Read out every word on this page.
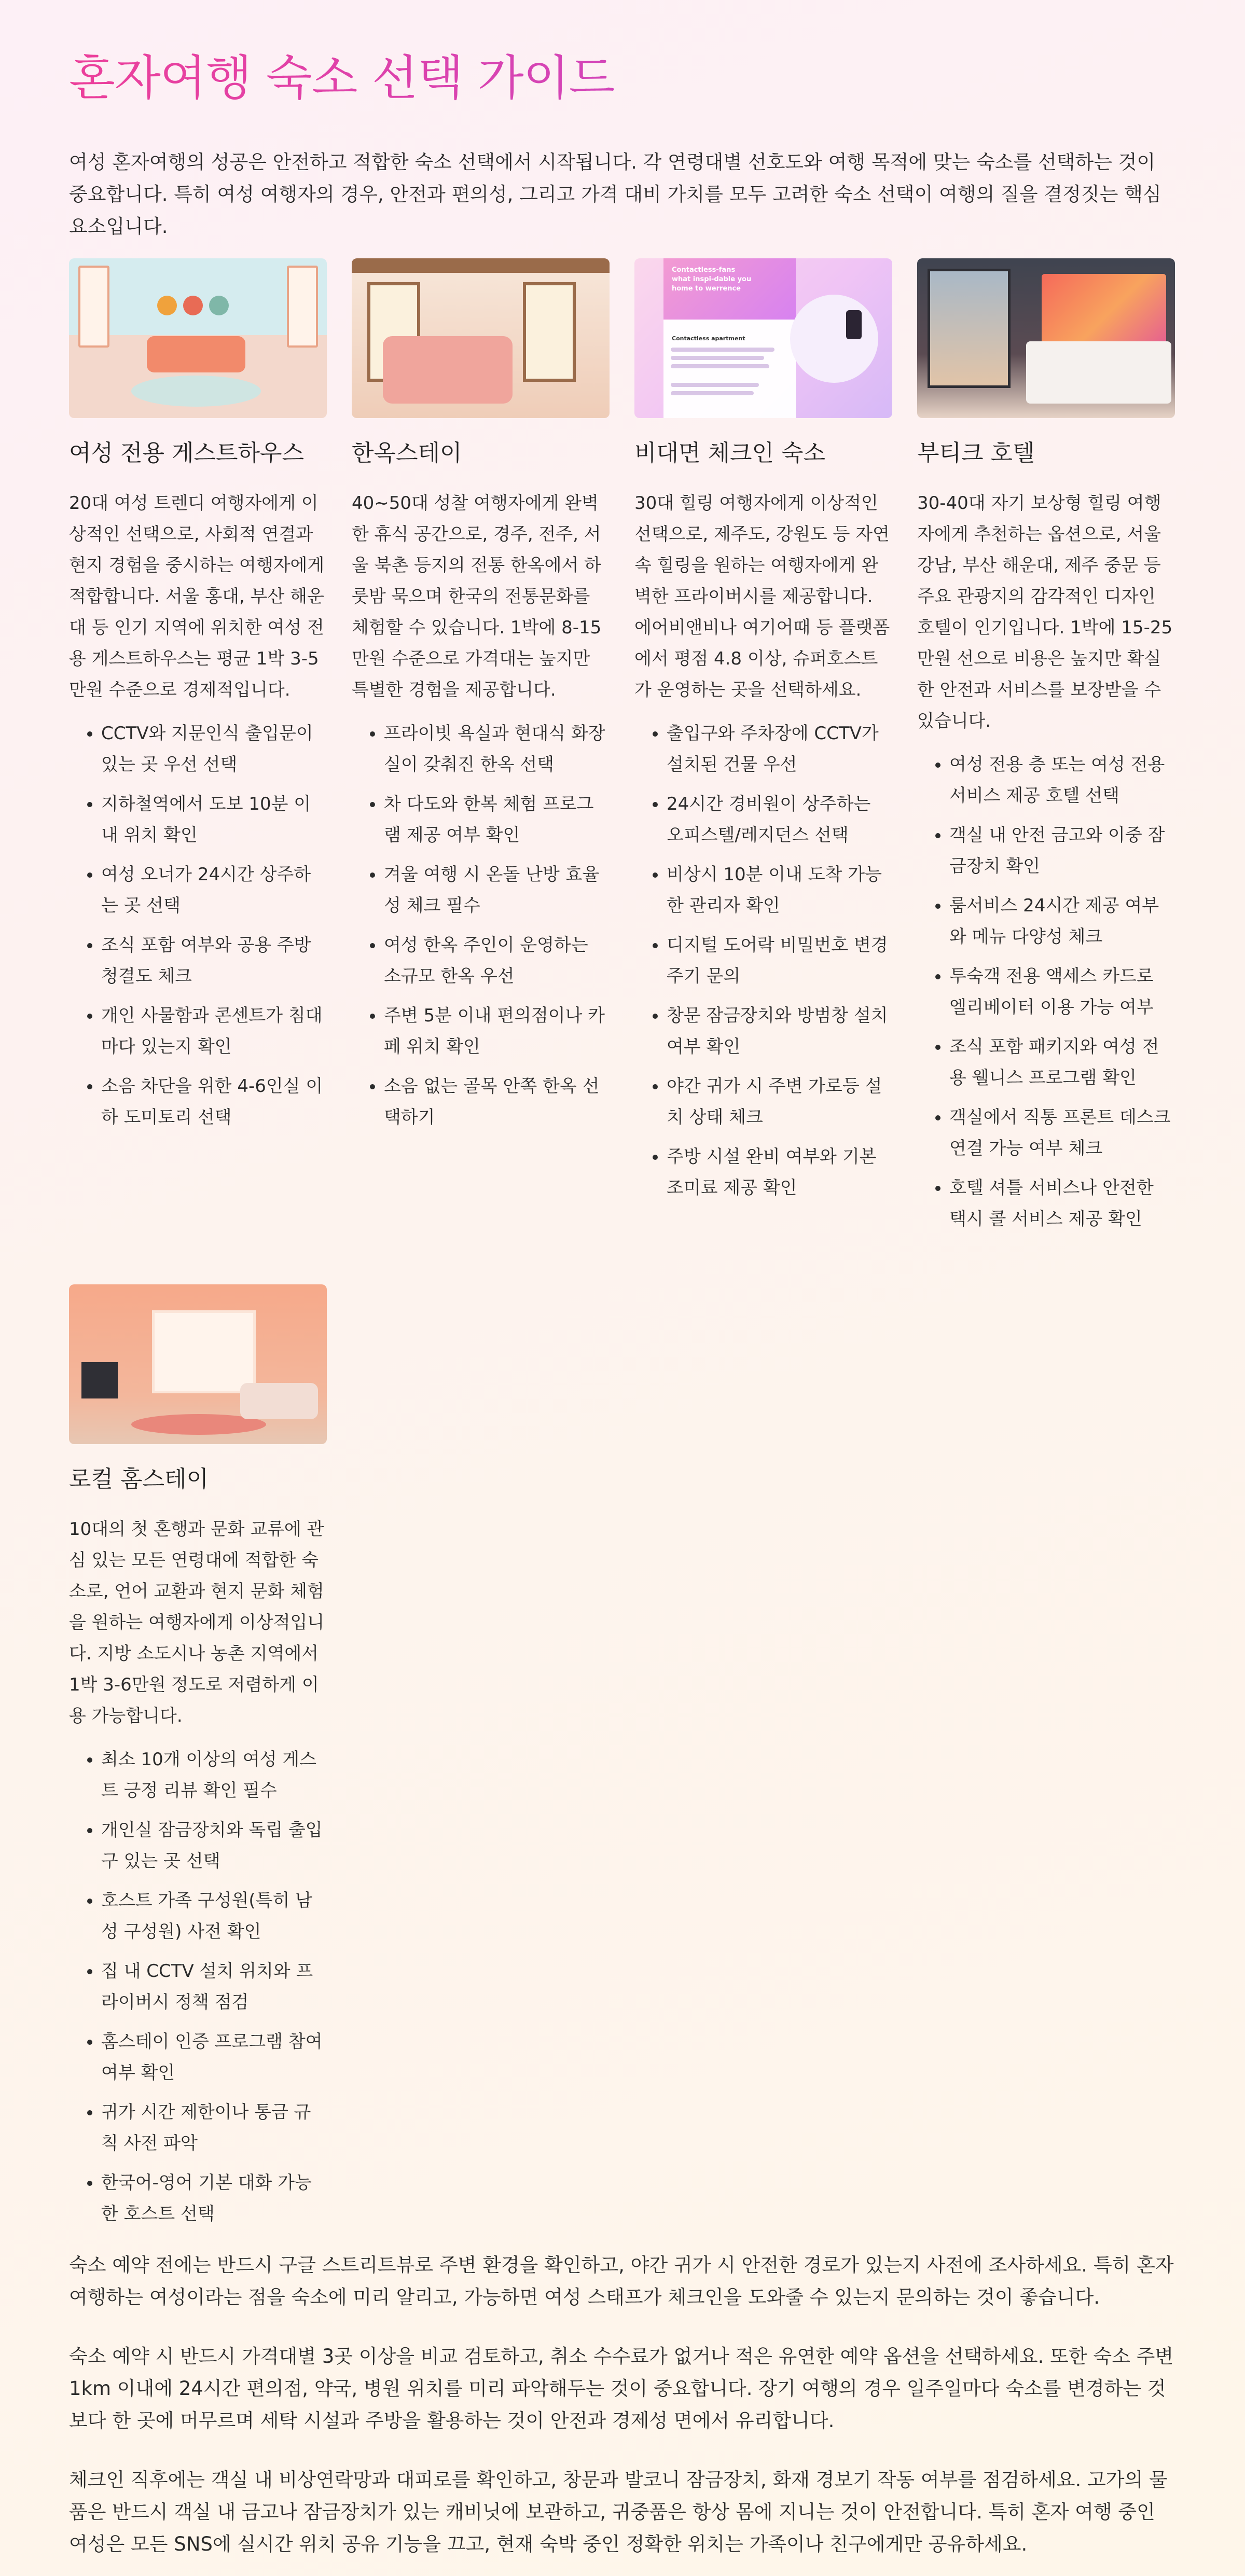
혼자여행 숙소 선택 가이드
여성 혼자여행의 성공은 안전하고 적합한 숙소 선택에서 시작됩니다. 각 연령대별 선호도와 여행 목적에 맞는 숙소를 선택하는 것이 중요합니다. 특히 여성 여행자의 경우, 안전과 편의성, 그리고 가격 대비 가치를 모두 고려한 숙소 선택이 여행의 질을 결정짓는 핵심 요소입니다.
여성 전용 게스트하우스

20대 여성 트렌디 여행자에게 이상적인 선택으로, 사회적 연결과 현지 경험을 중시하는 여행자에게 적합합니다. 서울 홍대, 부산 해운대 등 인기 지역에 위치한 여성 전용 게스트하우스는 평균 1박 3-5만원 수준으로 경제적입니다.

• CCTV와 지문인식 출입문이 있는 곳 우선 선택
• 지하철역에서 도보 10분 이내 위치 확인
• 여성 오너가 24시간 상주하는 곳 선택
• 조식 포함 여부와 공용 주방 청결도 체크
• 개인 사물함과 콘센트가 침대마다 있는지 확인
• 소음 차단을 위한 4-6인실 이하 도미토리 선택
한옥스테이

40~50대 성찰 여행자에게 완벽한 휴식 공간으로, 경주, 전주, 서울 북촌 등지의 전통 한옥에서 하룻밤 묵으며 한국의 전통문화를 체험할 수 있습니다. 1박에 8-15만원 수준으로 가격대는 높지만 특별한 경험을 제공합니다.

• 프라이빗 욕실과 현대식 화장실이 갖춰진 한옥 선택
• 차 다도와 한복 체험 프로그램 제공 여부 확인
• 겨울 여행 시 온돌 난방 효율성 체크 필수
• 여성 한옥 주인이 운영하는 소규모 한옥 우선
• 주변 5분 이내 편의점이나 카페 위치 확인
• 소음 없는 골목 안쪽 한옥 선택하기
Contactless-fans
what inspi-dable you
home to werrence
Contactless apartment
비대면 체크인 숙소

30대 힐링 여행자에게 이상적인 선택으로, 제주도, 강원도 등 자연 속 힐링을 원하는 여행자에게 완벽한 프라이버시를 제공합니다. 에어비앤비나 여기어때 등 플랫폼에서 평점 4.8 이상, 슈퍼호스트가 운영하는 곳을 선택하세요.

• 출입구와 주차장에 CCTV가 설치된 건물 우선
• 24시간 경비원이 상주하는 오피스텔/레지던스 선택
• 비상시 10분 이내 도착 가능한 관리자 확인
• 디지털 도어락 비밀번호 변경 주기 문의
• 창문 잠금장치와 방범창 설치 여부 확인
• 야간 귀가 시 주변 가로등 설치 상태 체크
• 주방 시설 완비 여부와 기본 조미료 제공 확인
부티크 호텔

30-40대 자기 보상형 힐링 여행자에게 추천하는 옵션으로, 서울 강남, 부산 해운대, 제주 중문 등 주요 관광지의 감각적인 디자인 호텔이 인기입니다. 1박에 15-25만원 선으로 비용은 높지만 확실한 안전과 서비스를 보장받을 수 있습니다.

• 여성 전용 층 또는 여성 전용 서비스 제공 호텔 선택
• 객실 내 안전 금고와 이중 잠금장치 확인
• 룸서비스 24시간 제공 여부와 메뉴 다양성 체크
• 투숙객 전용 액세스 카드로 엘리베이터 이용 가능 여부
• 조식 포함 패키지와 여성 전용 웰니스 프로그램 확인
• 객실에서 직통 프론트 데스크 연결 가능 여부 체크
• 호텔 셔틀 서비스나 안전한 택시 콜 서비스 제공 확인
로컬 홈스테이

10대의 첫 혼행과 문화 교류에 관심 있는 모든 연령대에 적합한 숙소로, 언어 교환과 현지 문화 체험을 원하는 여행자에게 이상적입니다. 지방 소도시나 농촌 지역에서 1박 3-6만원 정도로 저렴하게 이용 가능합니다.

• 최소 10개 이상의 여성 게스트 긍정 리뷰 확인 필수
• 개인실 잠금장치와 독립 출입구 있는 곳 선택
• 호스트 가족 구성원(특히 남성 구성원) 사전 확인
• 집 내 CCTV 설치 위치와 프라이버시 정책 점검
• 홈스테이 인증 프로그램 참여 여부 확인
• 귀가 시간 제한이나 통금 규칙 사전 파악
• 한국어-영어 기본 대화 가능한 호스트 선택

숙소 예약 전에는 반드시 구글 스트리트뷰로 주변 환경을 확인하고, 야간 귀가 시 안전한 경로가 있는지 사전에 조사하세요. 특히 혼자 여행하는 여성이라는 점을 숙소에 미리 알리고, 가능하면 여성 스태프가 체크인을 도와줄 수 있는지 문의하는 것이 좋습니다.

숙소 예약 시 반드시 가격대별 3곳 이상을 비교 검토하고, 취소 수수료가 없거나 적은 유연한 예약 옵션을 선택하세요. 또한 숙소 주변 1km 이내에 24시간 편의점, 약국, 병원 위치를 미리 파악해두는 것이 중요합니다. 장기 여행의 경우 일주일마다 숙소를 변경하는 것보다 한 곳에 머무르며 세탁 시설과 주방을 활용하는 것이 안전과 경제성 면에서 유리합니다.

체크인 직후에는 객실 내 비상연락망과 대피로를 확인하고, 창문과 발코니 잠금장치, 화재 경보기 작동 여부를 점검하세요. 고가의 물품은 반드시 객실 내 금고나 잠금장치가 있는 캐비닛에 보관하고, 귀중품은 항상 몸에 지니는 것이 안전합니다. 특히 혼자 여행 중인 여성은 모든 SNS에 실시간 위치 공유 기능을 끄고, 현재 숙박 중인 정확한 위치는 가족이나 친구에게만 공유하세요.
